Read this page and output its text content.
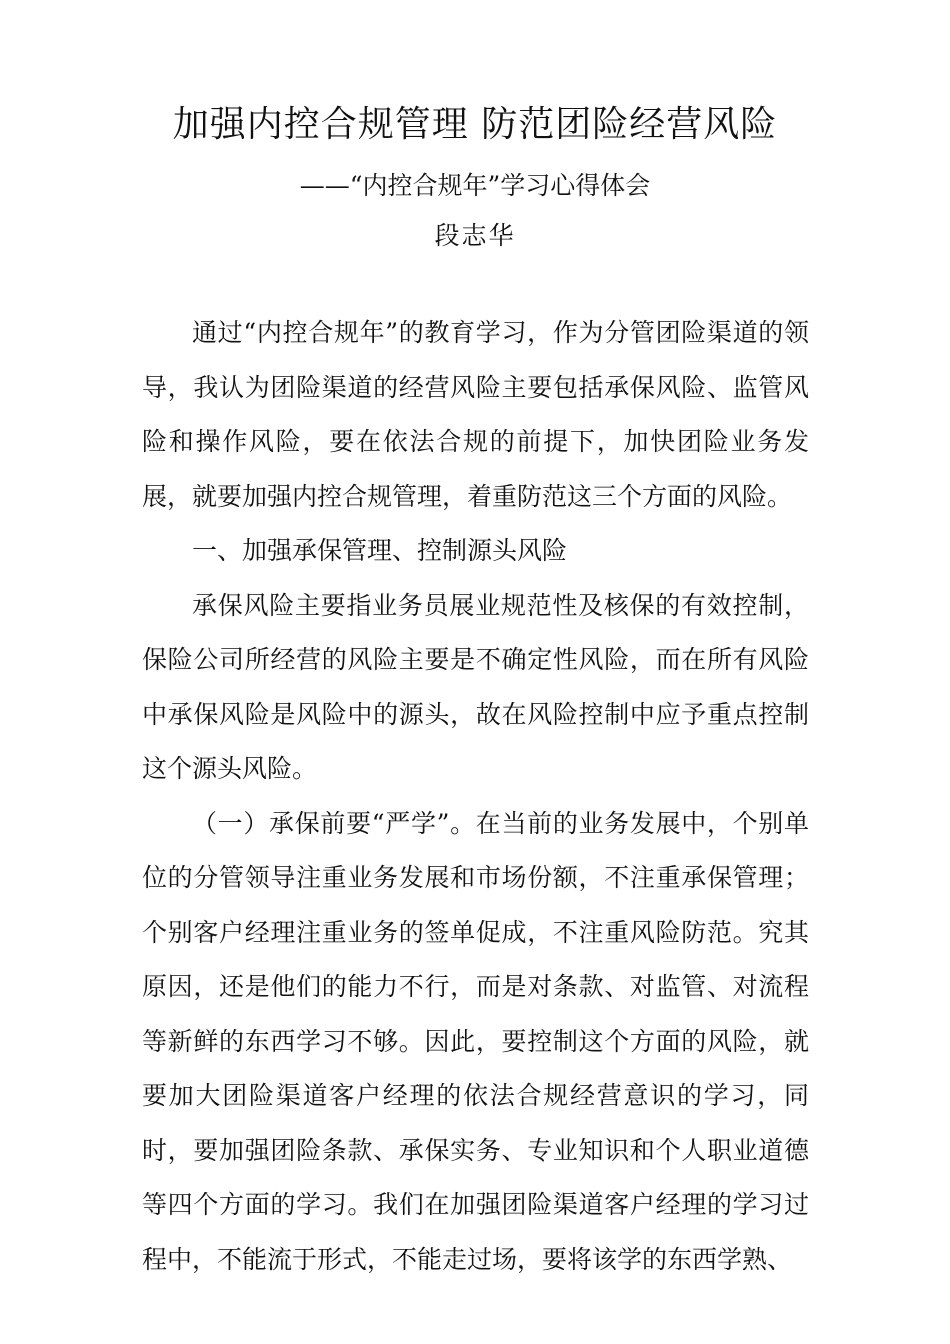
加强内控合规管理 防范团险经营风险
——“内控合规年”学习心得体会
段志华

通过“内控合规年”的教育学习，作为分管团险渠道的领导，我认为团险渠道的经营风险主要包括承保风险、监管风险和操作风险，要在依法合规的前提下，加快团险业务发展，就要加强内控合规管理，着重防范这三个方面的风险。

一、加强承保管理、控制源头风险

承保风险主要指业务员展业规范性及核保的有效控制，保险公司所经营的风险主要是不确定性风险，而在所有风险中承保风险是风险中的源头，故在风险控制中应予重点控制这个源头风险。

（一）承保前要“严学”。在当前的业务发展中，个别单位的分管领导注重业务发展和市场份额，不注重承保管理；个别客户经理注重业务的签单促成，不注重风险防范。究其原因，还是他们的能力不行，而是对条款、对监管、对流程等新鲜的东西学习不够。因此，要控制这个方面的风险，就要加大团险渠道客户经理的依法合规经营意识的学习，同时，要加强团险条款、承保实务、专业知识和个人职业道德等四个方面的学习。我们在加强团险渠道客户经理的学习过程中，不能流于形式，不能走过场，要将该学的东西学熟、
